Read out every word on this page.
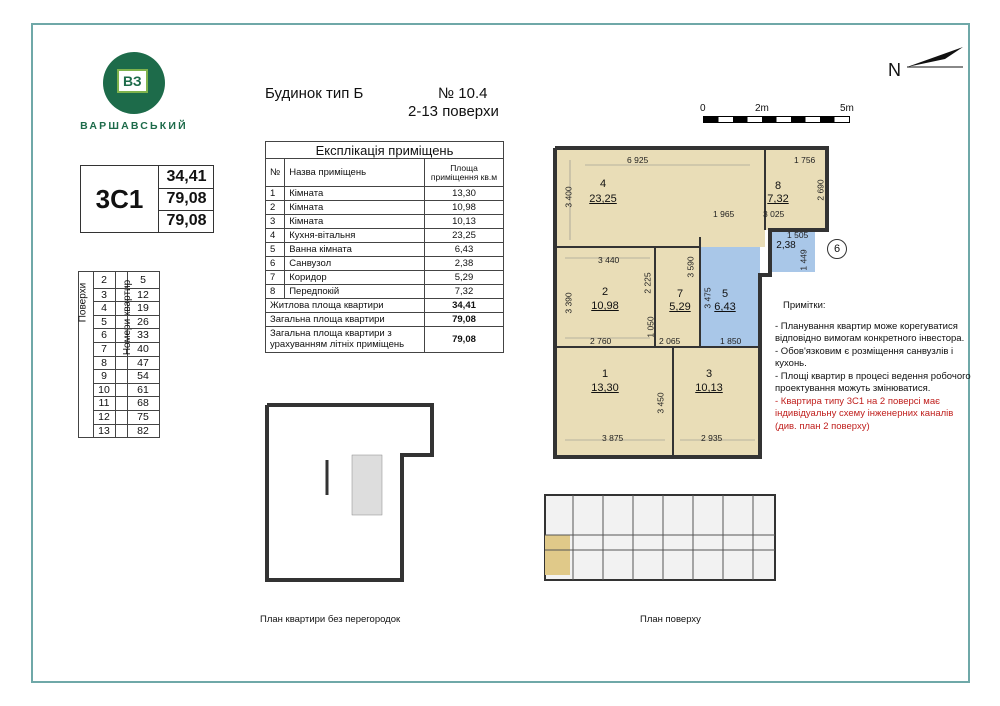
ВЗ
ВАРШАВСЬКИЙ
Будинок тип Б	№ 10.4
2-13 поверхи
3С1
34,41
79,08
79,08
Експлікація приміщень		
№	Назва приміщень	Площа приміщення кв.м
1	Кімната	13,30
2	Кімната	10,98
3	Кімната	10,13
4	Кухня-вітальня	23,25
5	Ванна кімната	6,43
6	Санвузол	2,38
7	Коридор	5,29
8	Передпокій	7,32
Житлова площа квартири		34,41
Загальна площа квартири		79,08
Загальна площа квартири з урахуванням літніх приміщень		79,08
Поверхи	Номери квартир
2	5
3	12
4	19
5	26
6	33
7	40
8	47
9	54
10	61
11	68
12	75
13	82
0	2m	5m
N
4
23,25
8
7,32
2,38	6
2
10,98
7
5,29
5
6,43
1
13,30
3
10,13
6 925	1 756
2 690
3 400
1 965	3 025
1 505
1 449
3 440	3 590
2 225
3 390	3 475
2 760
1 050
2 065	1 850
3 450
3 875	2 935
Примітки:
- Планування квартир може корегуватися відповідно вимогам конкретного інвестора.
- Обов'язковим є розміщення санвузлів і кухонь.
- Площі квартир в процесі ведення робочого проектування можуть змінюватися.
- Квартира типу 3С1 на 2 поверсі має індивідуальну схему інженерних каналів (див. план 2 поверху)
План квартири без перегородок	План поверху
